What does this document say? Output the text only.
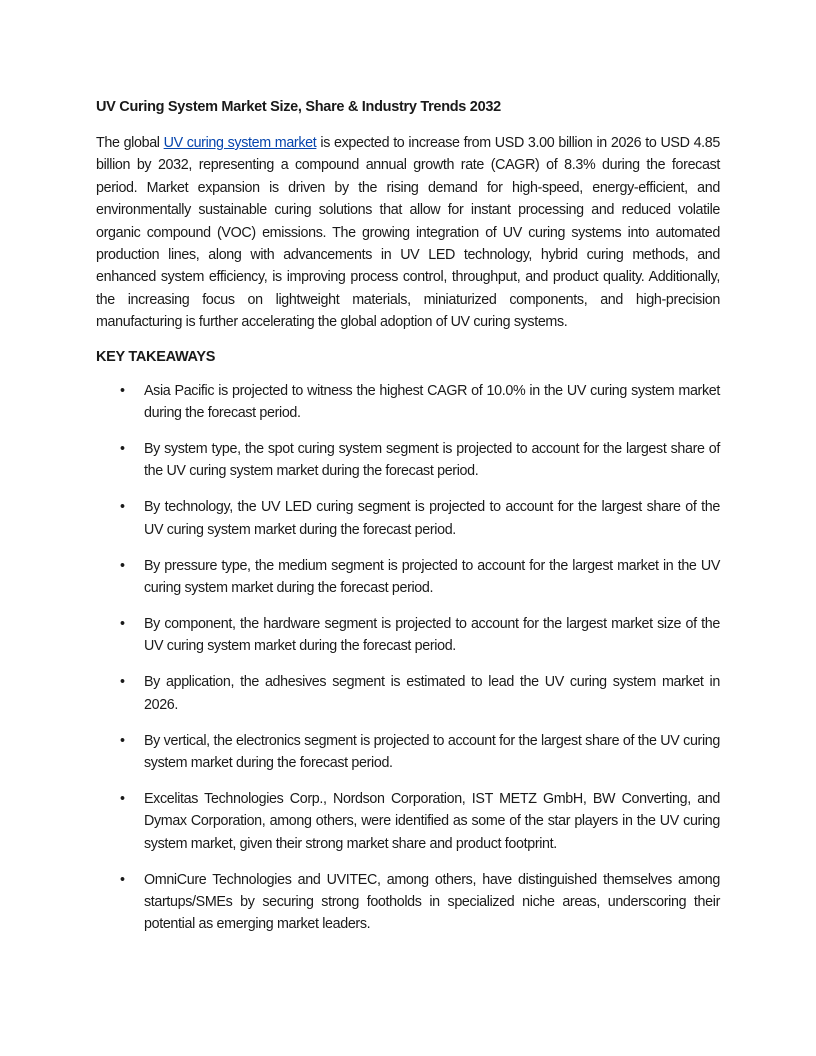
UV Curing System Market Size, Share & Industry Trends 2032

The global UV curing system market is expected to increase from USD 3.00 billion in 2026 to USD 4.85 billion by 2032, representing a compound annual growth rate (CAGR) of 8.3% during the forecast period. Market expansion is driven by the rising demand for high-speed, energy-efficient, and environmentally sustainable curing solutions that allow for instant processing and reduced volatile organic compound (VOC) emissions. The growing integration of UV curing systems into automated production lines, along with advancements in UV LED technology, hybrid curing methods, and enhanced system efficiency, is improving process control, throughput, and product quality. Additionally, the increasing focus on lightweight materials, miniaturized components, and high-precision manufacturing is further accelerating the global adoption of UV curing systems.

KEY TAKEAWAYS
• Asia Pacific is projected to witness the highest CAGR of 10.0% in the UV curing system market during the forecast period.
• By system type, the spot curing system segment is projected to account for the largest share of the UV curing system market during the forecast period.
• By technology, the UV LED curing segment is projected to account for the largest share of the UV curing system market during the forecast period.
• By pressure type, the medium segment is projected to account for the largest market in the UV curing system market during the forecast period.
• By component, the hardware segment is projected to account for the largest market size of the UV curing system market during the forecast period.
• By application, the adhesives segment is estimated to lead the UV curing system market in 2026.
• By vertical, the electronics segment is projected to account for the largest share of the UV curing system market during the forecast period.
• Excelitas Technologies Corp., Nordson Corporation, IST METZ GmbH, BW Converting, and Dymax Corporation, among others, were identified as some of the star players in the UV curing system market, given their strong market share and product footprint.
• OmniCure Technologies and UVITEC, among others, have distinguished themselves among startups/SMEs by securing strong footholds in specialized niche areas, underscoring their potential as emerging market leaders.
